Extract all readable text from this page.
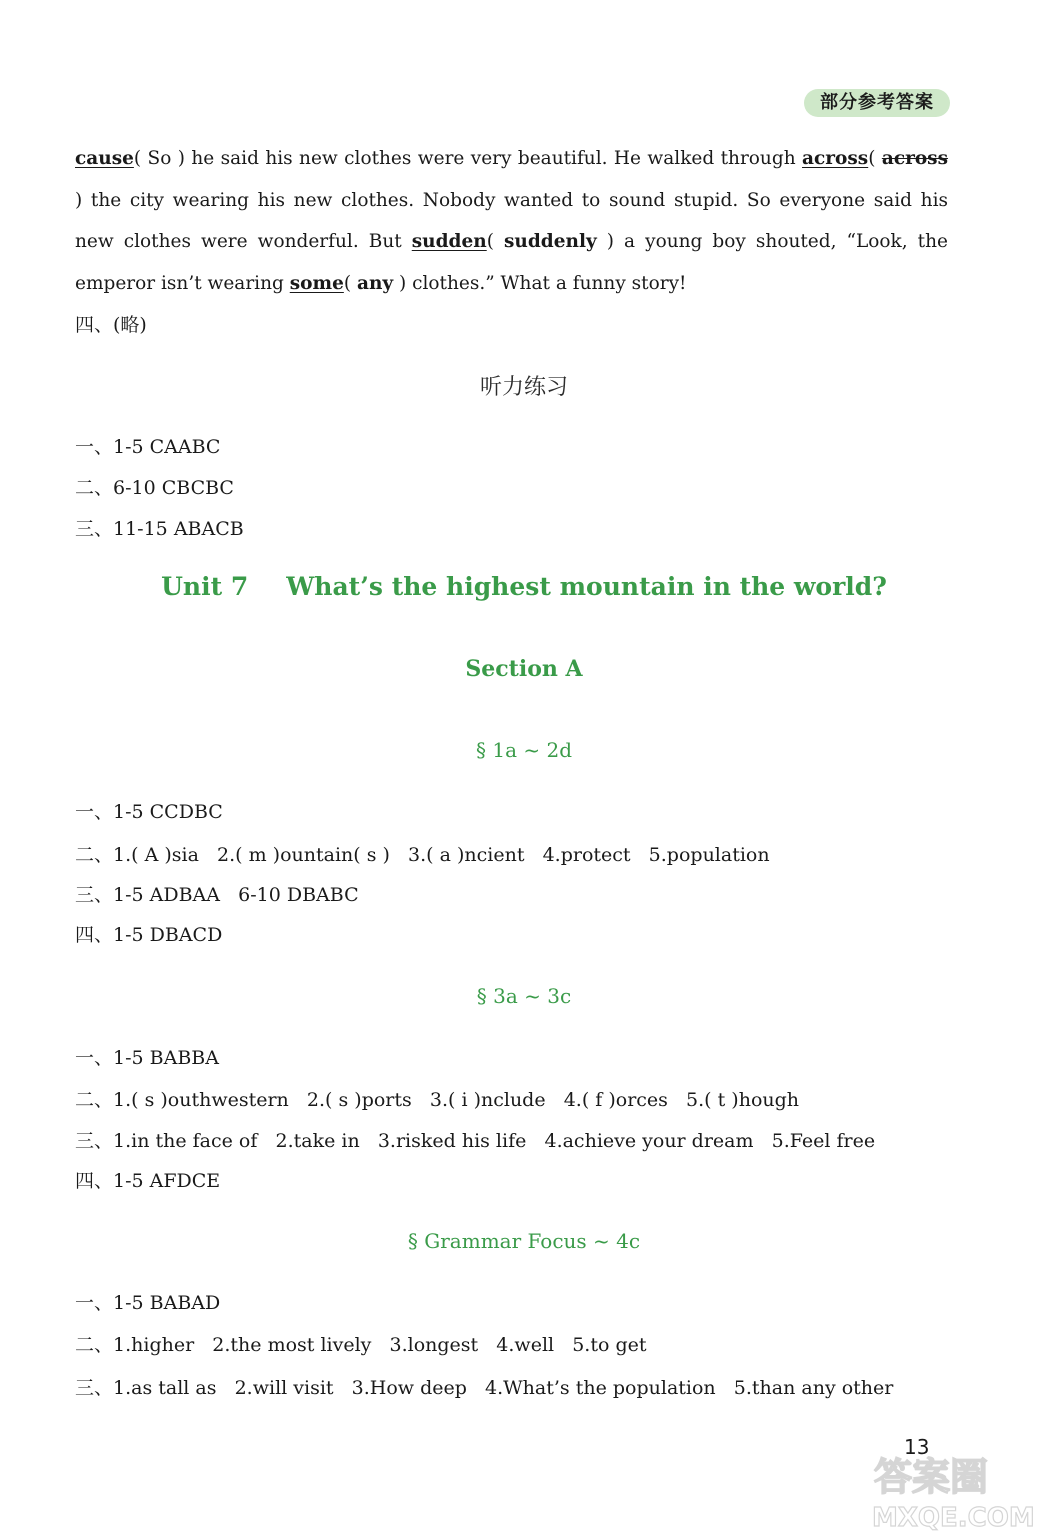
部分参考答案
cause( So ) he said his new clothes were very beautiful. He walked through across( across ) the city wearing his new clothes. Nobody wanted to sound stupid. So everyone said his new clothes were wonderful. But sudden( suddenly ) a young boy shouted, “Look, the emperor isn’t wearing some( any ) clothes.” What a funny story!
四、(略)
听力练习
一、1-5 CAABC
二、6-10 CBCBC
三、11-15 ABACB
Unit 7 What’s the highest mountain in the world?
Section A
§ 1a ~ 2d
一、1-5 CCDBC
二、1.( A )sia   2.( m )ountain( s )   3.( a )ncient   4.protect   5.population
三、1-5 ADBAA   6-10 DBABC
四、1-5 DBACD
§ 3a ~ 3c
一、1-5 BABBA
二、1.( s )outhwestern   2.( s )ports   3.( i )nclude   4.( f )orces   5.( t )hough
三、1.in the face of   2.take in   3.risked his life   4.achieve your dream   5.Feel free
四、1-5 AFDCE
§ Grammar Focus ~ 4c
一、1-5 BABAD
二、1.higher   2.the most lively   3.longest   4.well   5.to get
三、1.as tall as   2.will visit   3.How deep   4.What’s the population   5.than any other
13
答案圈
MXQE.COM
